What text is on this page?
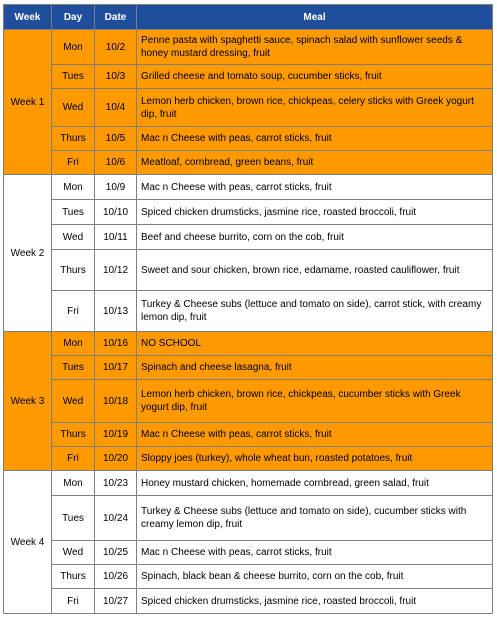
Week	Day	Date	Meal
Week 1	Mon	10/2	Penne pasta with spaghetti sauce, spinach salad with sunflower seeds & honey mustard dressing, fruit
	Tues	10/3	Grilled cheese and tomato soup, cucumber sticks, fruit
	Wed	10/4	Lemon herb chicken, brown rice, chickpeas, celery sticks with Greek yogurt dip, fruit
	Thurs	10/5	Mac n Cheese with peas, carrot sticks, fruit
	Fri	10/6	Meatloaf, cornbread, green beans, fruit
Week 2	Mon	10/9	Mac n Cheese with peas, carrot sticks, fruit
	Tues	10/10	Spiced chicken drumsticks, jasmine rice, roasted broccoli, fruit
	Wed	10/11	Beef and cheese burrito, corn on the cob, fruit
	Thurs	10/12	Sweet and sour chicken, brown rice, edamame, roasted cauliflower, fruit
	Fri	10/13	Turkey & Cheese subs (lettuce and tomato on side), carrot stick, with creamy lemon dip, fruit
Week 3	Mon	10/16	NO SCHOOL
	Tues	10/17	Spinach and cheese lasagna, fruit
	Wed	10/18	Lemon herb chicken, brown rice, chickpeas, cucumber sticks with Greek yogurt dip, fruit
	Thurs	10/19	Mac n Cheese with peas, carrot sticks, fruit
	Fri	10/20	Sloppy joes (turkey), whole wheat bun, roasted potatoes, fruit
Week 4	Mon	10/23	Honey mustard chicken, homemade cornbread, green salad, fruit
	Tues	10/24	Turkey & Cheese subs (lettuce and tomato on side), cucumber sticks with creamy lemon dip, fruit
	Wed	10/25	Mac n Cheese with peas, carrot sticks, fruit
	Thurs	10/26	Spinach, black bean & cheese burrito, corn on the cob, fruit
	Fri	10/27	Spiced chicken drumsticks, jasmine rice, roasted broccoli, fruit
